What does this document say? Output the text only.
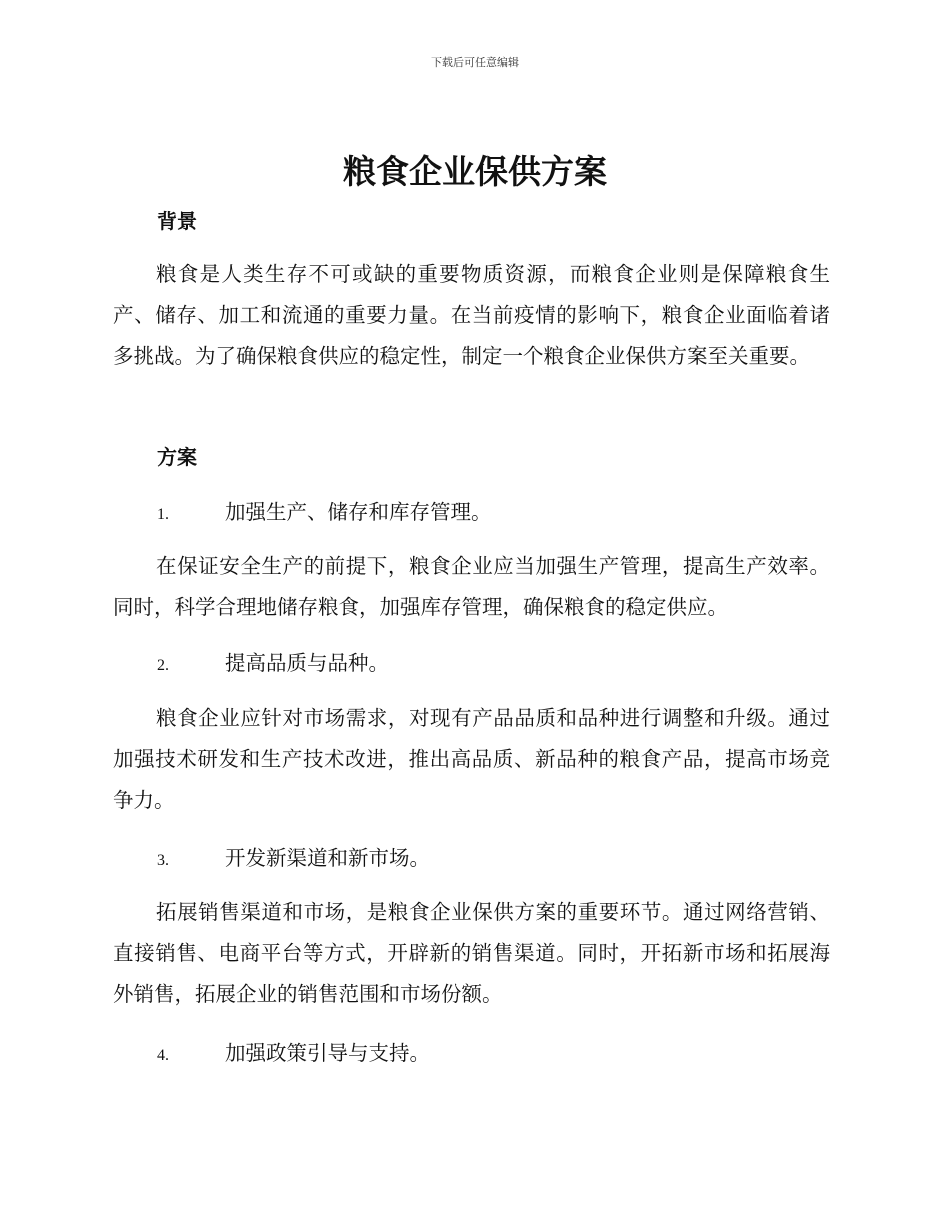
下载后可任意编辑
粮食企业保供方案
背景

粮食是人类生存不可或缺的重要物质资源，而粮食企业则是保障粮食生产、储存、加工和流通的重要力量。在当前疫情的影响下，粮食企业面临着诸多挑战。为了确保粮食供应的稳定性，制定一个粮食企业保供方案至关重要。

方案
1.	加强生产、储存和库存管理。

在保证安全生产的前提下，粮食企业应当加强生产管理，提高生产效率。同时，科学合理地储存粮食，加强库存管理，确保粮食的稳定供应。

2.	提高品质与品种。

粮食企业应针对市场需求，对现有产品品质和品种进行调整和升级。通过加强技术研发和生产技术改进，推出高品质、新品种的粮食产品，提高市场竞争力。

3.	开发新渠道和新市场。

拓展销售渠道和市场，是粮食企业保供方案的重要环节。通过网络营销、直接销售、电商平台等方式，开辟新的销售渠道。同时，开拓新市场和拓展海外销售，拓展企业的销售范围和市场份额。

4.	加强政策引导与支持。
